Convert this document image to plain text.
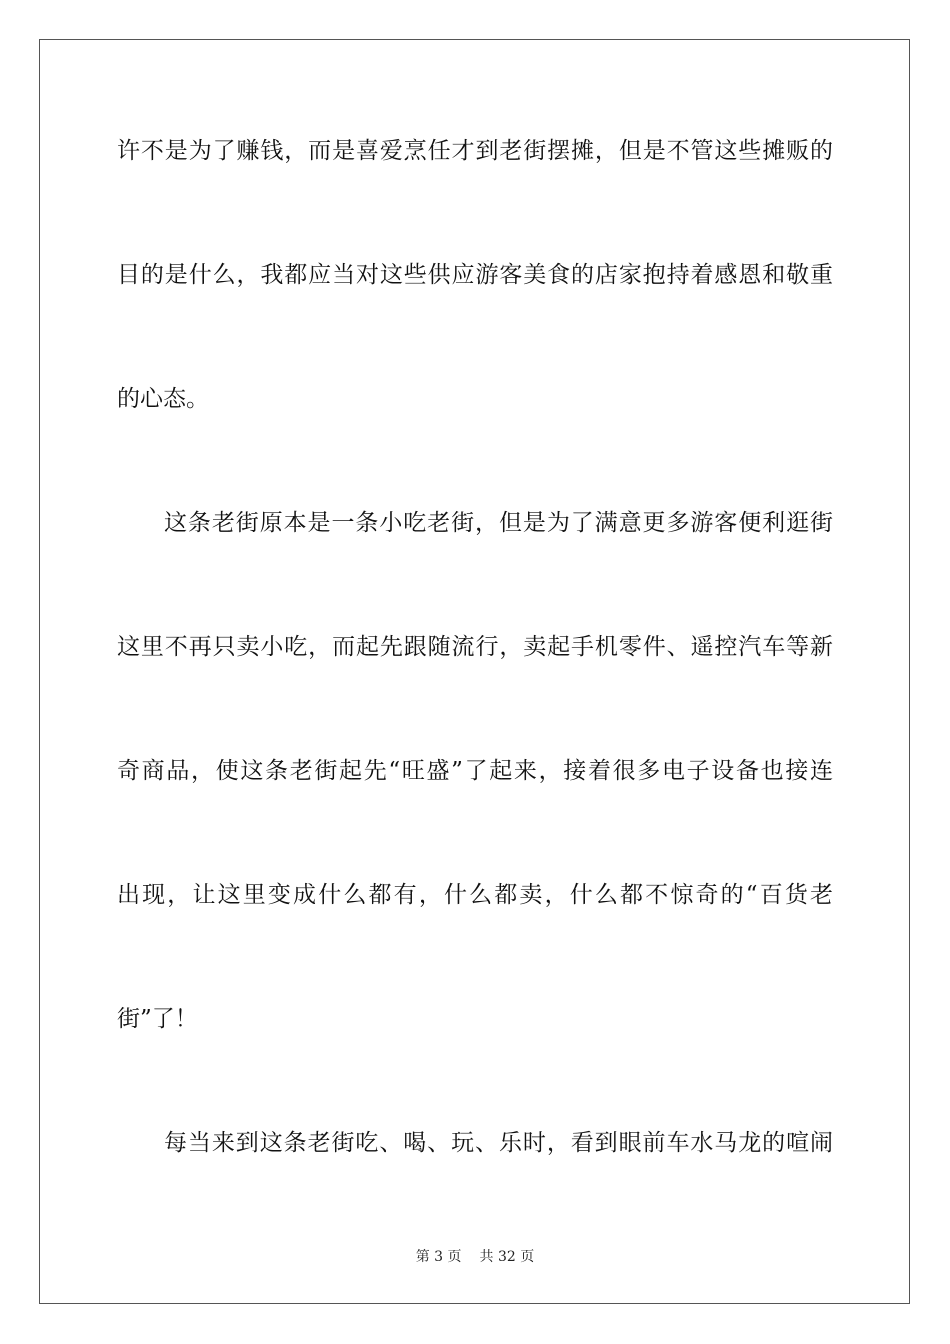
许不是为了赚钱，而是喜爱烹任才到老街摆摊，但是不管这些摊贩的
目的是什么，我都应当对这些供应游客美食的店家抱持着感恩和敬重
的心态。
这条老街原本是一条小吃老街，但是为了满意更多游客便利逛街
这里不再只卖小吃，而起先跟随流行，卖起手机零件、遥控汽车等新
奇商品，使这条老街起先“旺盛”了起来，接着很多电子设备也接连
出现，让这里变成什么都有，什么都卖，什么都不惊奇的“百货老
街”了！
每当来到这条老街吃、喝、玩、乐时，看到眼前车水马龙的喧闹
第 3 页 共 32 页
